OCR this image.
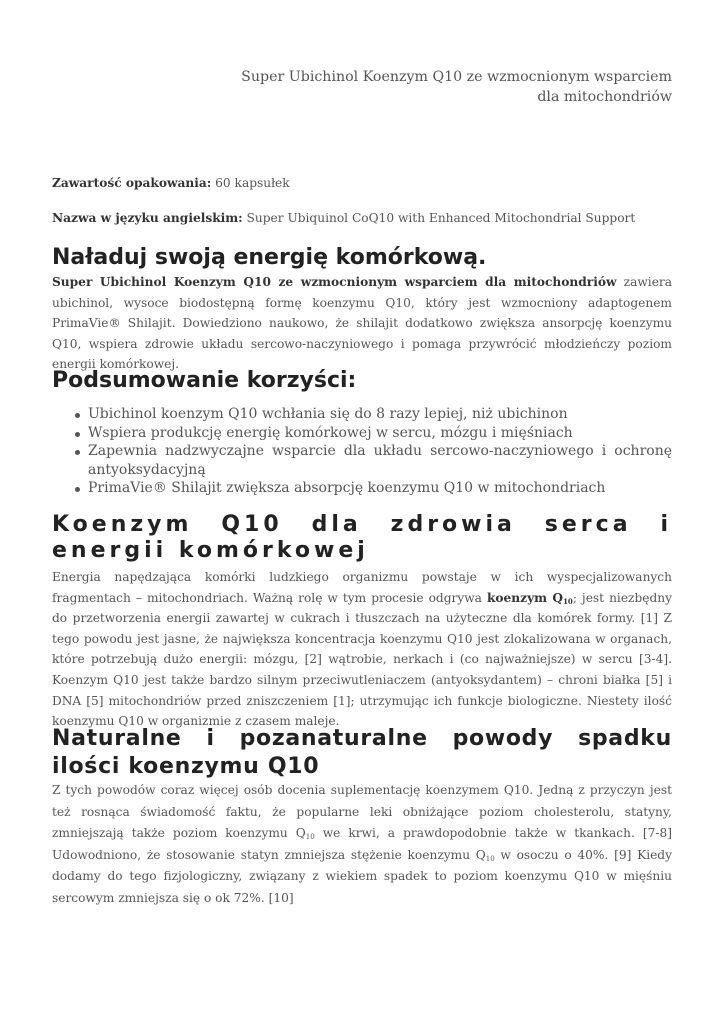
Super Ubichinol Koenzym Q10 ze wzmocnionym wsparciem dla mitochondriów
Zawartość opakowania: 60 kapsułek
Nazwa w języku angielskim: Super Ubiquinol CoQ10 with Enhanced Mitochondrial Support
Naładuj swoją energię komórkową.

Super Ubichinol Koenzym Q10 ze wzmocnionym wsparciem dla mitochondriów zawiera ubichinol, wysoce biodostępną formę koenzymu Q10, który jest wzmocniony adaptogenem PrimaVie® Shilajit. Dowiedziono naukowo, że shilajit dodatkowo zwiększa ansorpcję koenzymu Q10, wspiera zdrowie układu sercowo-naczyniowego i pomaga przywrócić młodzieńczy poziom energii komórkowej.

Podsumowanie korzyści:
Ubichinol koenzym Q10 wchłania się do 8 razy lepiej, niż ubichinon
Wspiera produkcję energię komórkowej w sercu, mózgu i mięśniach
Zapewnia nadzwyczajne wsparcie dla układu sercowo-naczyniowego i ochronę antyoksydacyjną
PrimaVie® Shilajit zwiększa absorpcję koenzymu Q10 w mitochondriach
Koenzym Q10 dla zdrowia serca i energii komórkowej

Energia napędzająca komórki ludzkiego organizmu powstaje w ich wyspecjalizowanych fragmentach – mitochondriach. Ważną rolę w tym procesie odgrywa koenzym $Q_{10}$; jest niezbędny do przetworzenia energii zawartej w cukrach i tłuszczach na użyteczne dla komórek formy. [1] Z tego powodu jest jasne, że największa koncentracja koenzymu Q10 jest zlokalizowana w organach, które potrzebują dużo energii: mózgu, [2] wątrobie, nerkach i (co najważniejsze) w sercu [3-4]. Koenzym Q10 jest także bardzo silnym przeciwutleniaczem (antyoksydantem) – chroni białka [5] i DNA [5] mitochondriów przed zniszczeniem [1]; utrzymując ich funkcje biologiczne. Niestety ilość koenzymu Q10 w organizmie z czasem maleje.

Naturalne i pozanaturalne powody spadku ilości koenzymu Q10

Z tych powodów coraz więcej osób docenia suplementację koenzymem Q10. Jedną z przyczyn jest też rosnąca świadomość faktu, że popularne leki obniżające poziom cholesterolu, statyny, zmniejszają także poziom koenzymu $Q_{10}$ we krwi, a prawdopodobnie także w tkankach. [7-8] Udowodniono, że stosowanie statyn zmniejsza stężenie koenzymu $Q_{10}$ w osoczu o 40%. [9] Kiedy dodamy do tego fizjologiczny, związany z wiekiem spadek to poziom koenzymu Q10 w mięśniu sercowym zmniejsza się o ok 72%. [10]
